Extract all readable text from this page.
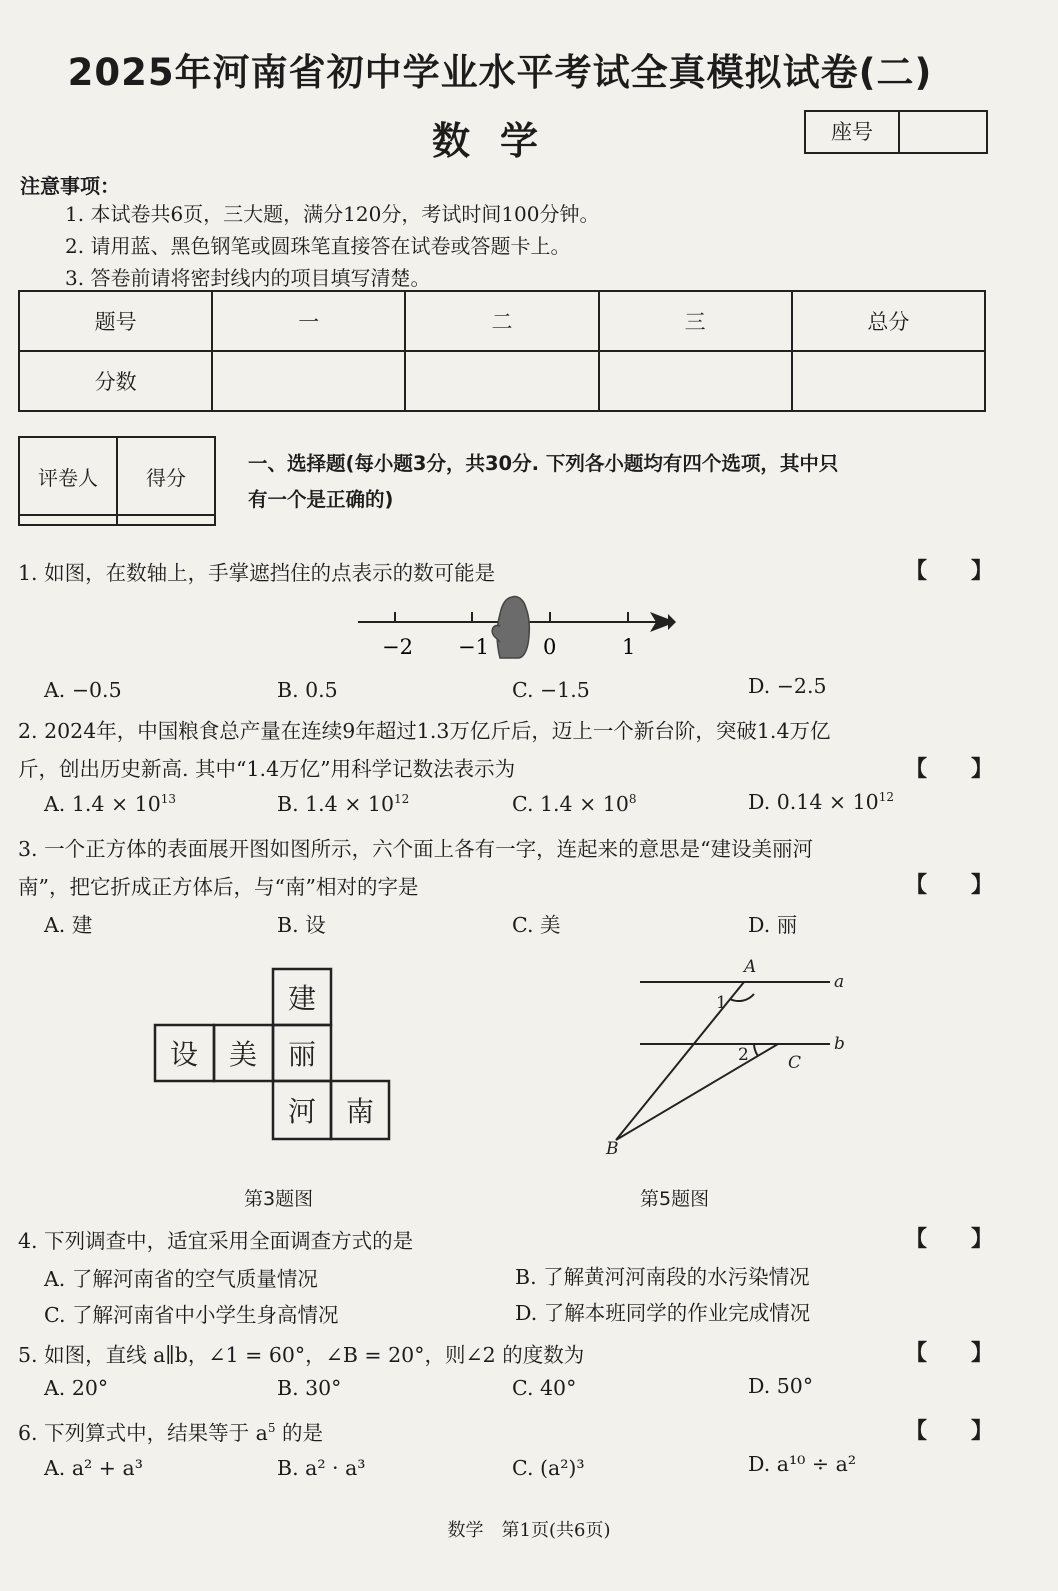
2025年河南省初中学业水平考试全真模拟试卷(二)
数学	座号
注意事项：
1. 本试卷共6页，三大题，满分120分，考试时间100分钟。
2. 请用蓝、黑色钢笔或圆珠笔直接答在试卷或答题卡上。
3. 答卷前请将密封线内的项目填写清楚。
题号	一	二	三	总分
分数				
评卷人	得分

一、选择题(每小题3分，共30分. 下列各小题均有四个选项，其中只
有一个是正确的)
1. 如图，在数轴上，手掌遮挡住的点表示的数可能是	【　　】
−2 −1	0	1
A. −0.5	B. 0.5	C. −1.5	D. −2.5
2. 2024年，中国粮食总产量在连续9年超过1.3万亿斤后，迈上一个新台阶，突破1.4万亿
斤，创出历史新高. 其中“1.4万亿”用科学记数法表示为	【　　】
A. $1.4 \times 10^{13}$	B. $1.4 \times 10^{12}$	C. $1.4 \times 10^8$	D. $0.14 \times 10^{12}$
3. 一个正方体的表面展开图如图所示，六个面上各有一字，连起来的意思是“建设美丽河
南”，把它折成正方体后，与“南”相对的字是	【　　】
A. 建	B. 设	C. 美	D. 丽
建
设 美 丽
河 南
第3题图
A
a
1
b
2 C
B
第5题图
4. 下列调查中，适宜采用全面调查方式的是	【　　】
A. 了解河南省的空气质量情况	B. 了解黄河河南段的水污染情况
C. 了解河南省中小学生身高情况	D. 了解本班同学的作业完成情况
5. 如图，直线 a∥b，∠1 = 60°，∠B = 20°，则∠2 的度数为	【　　】
A. 20°	B. 30°	C. 40°	D. 50°
6. 下列算式中，结果等于 $a^5$ 的是	【　　】
A. a² + a³	B. a² · a³	C. (a²)³	D. a¹⁰ ÷ a²
数学　第1页(共6页)
